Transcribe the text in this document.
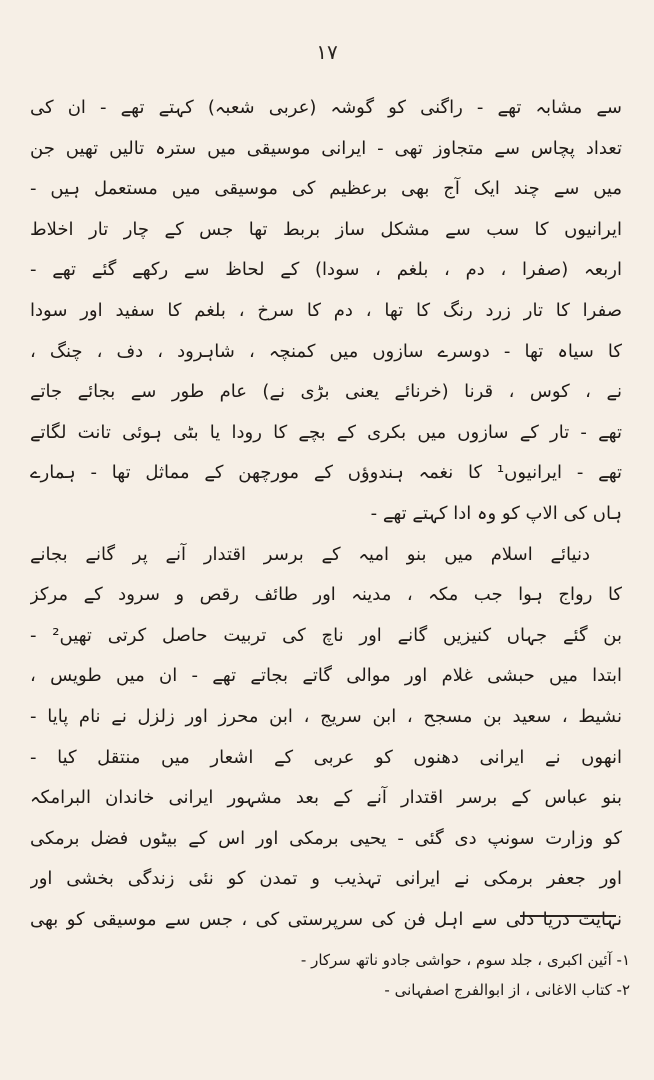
۱۷
سے مشابہ تھے - راگنی کو گوشہ (عربی شعبہ) کہتے تھے - ان کی
تعداد پچاس سے متجاوز تھی - ایرانی موسیقی میں سترہ تالیں تھیں جن
میں سے چند ایک آج بھی برعظیم کی موسیقی میں مستعمل ہیں -
ایرانیوں کا سب سے مشکل ساز بربط تھا جس کے چار تار اخلاط
اربعہ (صفرا ، دم ، بلغم ، سودا) کے لحاظ سے رکھے گئے تھے -
صفرا کا تار زرد رنگ کا تھا ، دم کا سرخ ، بلغم کا سفید اور سودا
کا سیاہ تھا - دوسرے سازوں میں کمنچہ ، شاہرود ، دف ، چنگ ،
نے ، کوس ، قرنا (خرنائے یعنی بڑی نے) عام طور سے بجائے جاتے
تھے - تار کے سازوں میں بکری کے بچے کا رودا یا بٹی ہوئی تانت لگاتے
تھے - ایرانیوں¹ کا نغمہ ہندوؤں کے مورچھن کے مماثل تھا - ہمارے
ہاں کی الاپ کو وہ ادا کہتے تھے -
دنیائے اسلام میں بنو امیہ کے برسر اقتدار آنے پر گانے بجانے
کا رواج ہوا جب مکہ ، مدینہ اور طائف رقص و سرود کے مرکز
بن گئے جہاں کنیزیں گانے اور ناچ کی تربیت حاصل کرتی تھیں² -
ابتدا میں حبشی غلام اور موالی گاتے بجاتے تھے - ان میں طویس ،
نشیط ، سعید بن مسجح ، ابن سریج ، ابن محرز اور زلزل نے نام پایا -
انھوں نے ایرانی دھنوں کو عربی کے اشعار میں منتقل کیا -
بنو عباس کے برسر اقتدار آنے کے بعد مشہور ایرانی خاندان البرامکہ
کو وزارت سونپ دی گئی - یحیی برمکی اور اس کے بیٹوں فضل برمکی
اور جعفر برمکی نے ایرانی تہذیب و تمدن کو نئی زندگی بخشی اور
نہایت دریا دلی سے اہل فن کی سرپرستی کی ، جس سے موسیقی کو بھی
۱- آئین اکبری ، جلد سوم ، حواشی جادو ناتھ سرکار -
۲- کتاب الاغانی ، از ابوالفرج اصفہانی -
